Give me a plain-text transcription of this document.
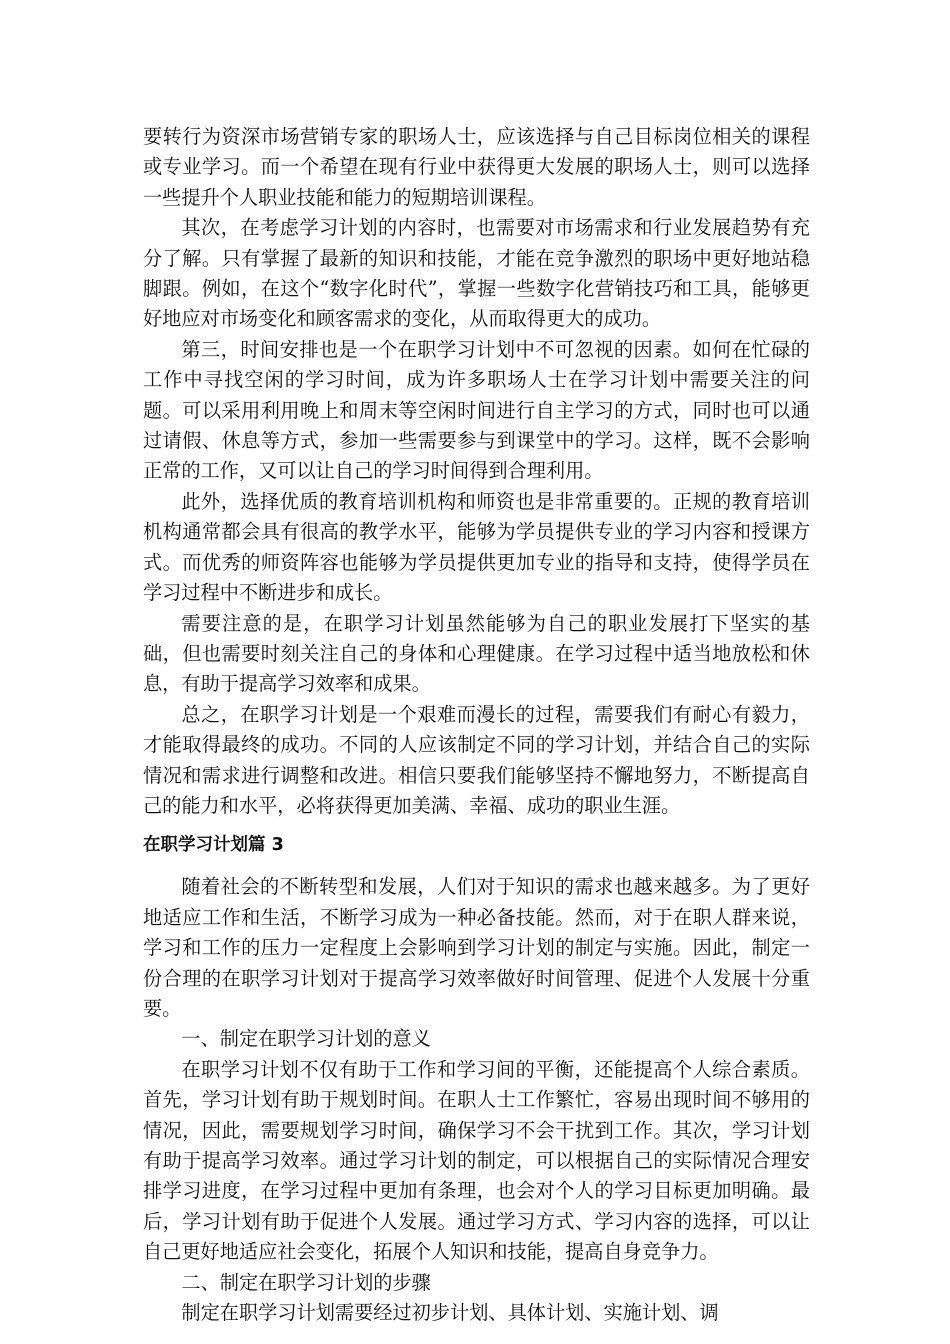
要转行为资深市场营销专家的职场人士，应该选择与自己目标岗位相关的课程或专业学习。而一个希望在现有行业中获得更大发展的职场人士，则可以选择一些提升个人职业技能和能力的短期培训课程。

其次，在考虑学习计划的内容时，也需要对市场需求和行业发展趋势有充分了解。只有掌握了最新的知识和技能，才能在竞争激烈的职场中更好地站稳脚跟。例如，在这个“数字化时代”，掌握一些数字化营销技巧和工具，能够更好地应对市场变化和顾客需求的变化，从而取得更大的成功。

第三，时间安排也是一个在职学习计划中不可忽视的因素。如何在忙碌的工作中寻找空闲的学习时间，成为许多职场人士在学习计划中需要关注的问题。可以采用利用晚上和周末等空闲时间进行自主学习的方式，同时也可以通过请假、休息等方式，参加一些需要参与到课堂中的学习。这样，既不会影响正常的工作，又可以让自己的学习时间得到合理利用。

此外，选择优质的教育培训机构和师资也是非常重要的。正规的教育培训机构通常都会具有很高的教学水平，能够为学员提供专业的学习内容和授课方式。而优秀的师资阵容也能够为学员提供更加专业的指导和支持，使得学员在学习过程中不断进步和成长。

需要注意的是，在职学习计划虽然能够为自己的职业发展打下坚实的基础，但也需要时刻关注自己的身体和心理健康。在学习过程中适当地放松和休息，有助于提高学习效率和成果。

总之，在职学习计划是一个艰难而漫长的过程，需要我们有耐心有毅力，才能取得最终的成功。不同的人应该制定不同的学习计划，并结合自己的实际情况和需求进行调整和改进。相信只要我们能够坚持不懈地努力，不断提高自己的能力和水平，必将获得更加美满、幸福、成功的职业生涯。

在职学习计划篇 3

随着社会的不断转型和发展，人们对于知识的需求也越来越多。为了更好地适应工作和生活，不断学习成为一种必备技能。然而，对于在职人群来说，学习和工作的压力一定程度上会影响到学习计划的制定与实施。因此，制定一份合理的在职学习计划对于提高学习效率做好时间管理、促进个人发展十分重要。

一、制定在职学习计划的意义

在职学习计划不仅有助于工作和学习间的平衡，还能提高个人综合素质。首先，学习计划有助于规划时间。在职人士工作繁忙，容易出现时间不够用的情况，因此，需要规划学习时间，确保学习不会干扰到工作。其次，学习计划有助于提高学习效率。通过学习计划的制定，可以根据自己的实际情况合理安排学习进度，在学习过程中更加有条理，也会对个人的学习目标更加明确。最后，学习计划有助于促进个人发展。通过学习方式、学习内容的选择，可以让自己更好地适应社会变化，拓展个人知识和技能，提高自身竞争力。

二、制定在职学习计划的步骤

制定在职学习计划需要经过初步计划、具体计划、实施计划、调
